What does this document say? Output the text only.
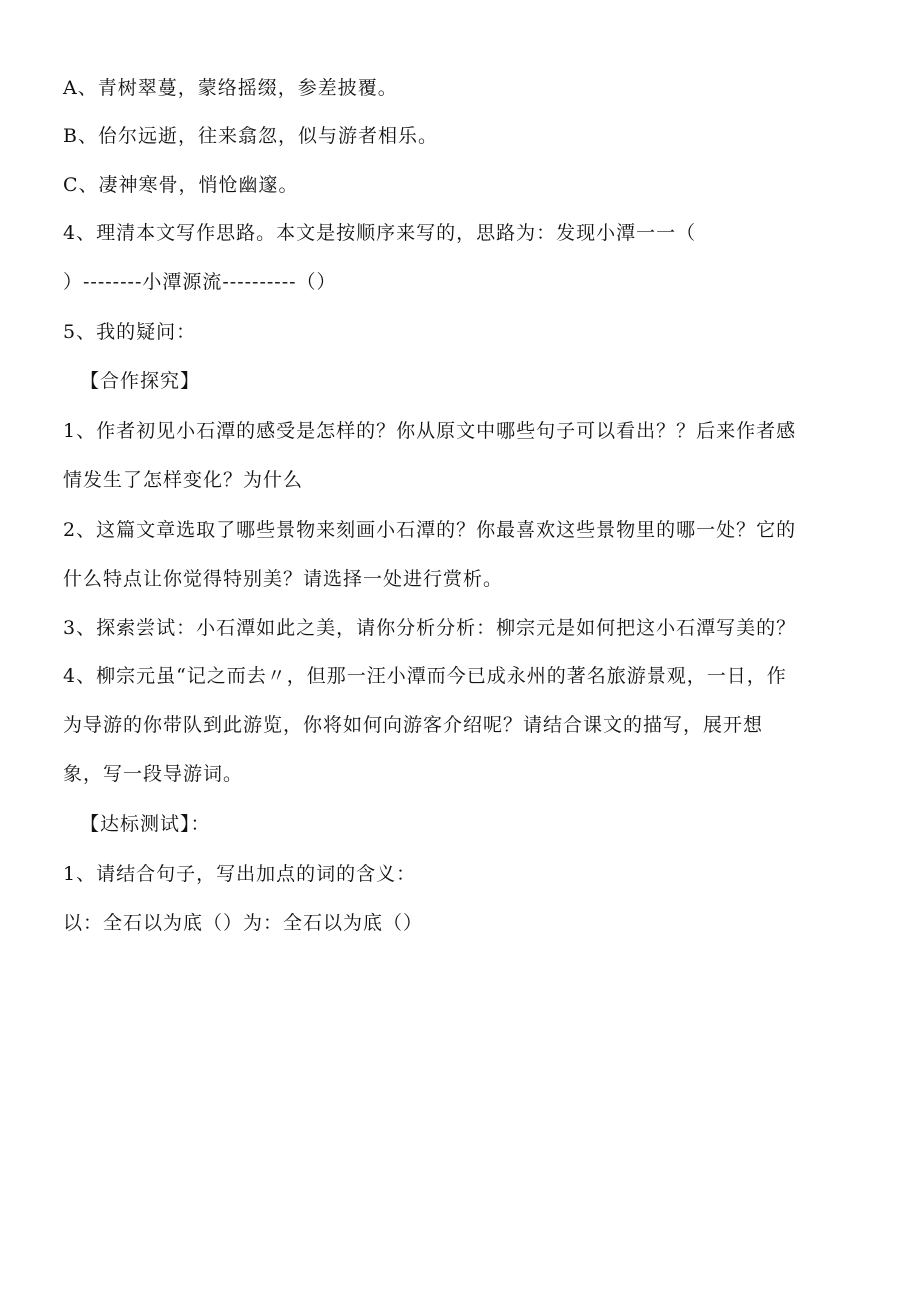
A、青树翠蔓，蒙络摇缀，参差披覆。
B、佁尔远逝，往来翕忽，似与游者相乐。
C、凄神寒骨，悄怆幽邃。
4、理清本文写作思路。本文是按顺序来写的，思路为：发现小潭一一（
）--------小潭源流----------（）
5、我的疑问：
【合作探究】
1、作者初见小石潭的感受是怎样的？你从原文中哪些句子可以看出？？后来作者感
情发生了怎样变化？为什么
2、这篇文章选取了哪些景物来刻画小石潭的？你最喜欢这些景物里的哪一处？它的
什么特点让你觉得特别美？请选择一处进行赏析。
3、探索尝试：小石潭如此之美，请你分析分析：柳宗元是如何把这小石潭写美的？
4、柳宗元虽“记之而去〃，但那一汪小潭而今已成永州的著名旅游景观，一日，作
为导游的你带队到此游览，你将如何向游客介绍呢？请结合课文的描写，展开想
象，写一段导游词。
【达标测试】：
1、请结合句子，写出加点的词的含义：
以：全石以为底（）为：全石以为底（）
